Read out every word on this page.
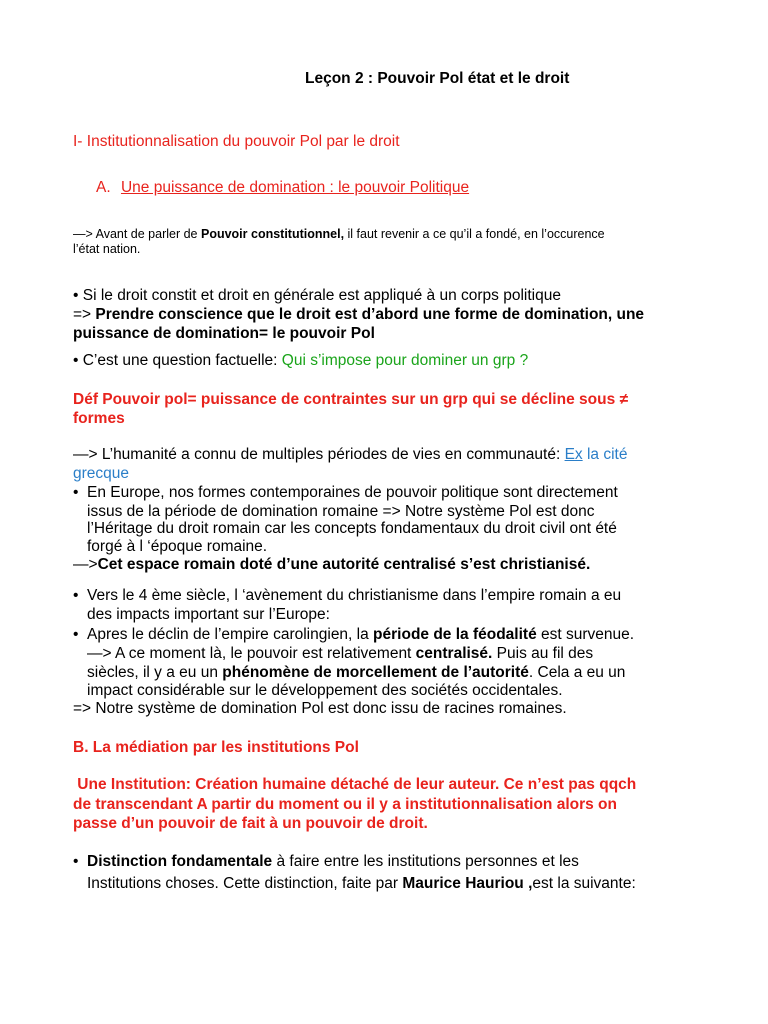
Leçon 2 : Pouvoir Pol état et le droit
I- Institutionnalisation du pouvoir Pol par le droit
A. Une puissance de domination : le pouvoir Politique
—> Avant de parler de Pouvoir constitutionnel, il faut revenir a ce qu’il a fondé, en l’occurence
l’état nation.
• Si le droit constit et droit en générale est appliqué à un corps politique
=> Prendre conscience que le droit est d’abord une forme de domination, une
puissance de domination= le pouvoir Pol
• C’est une question factuelle: Qui s’impose pour dominer un grp ?
Déf Pouvoir pol= puissance de contraintes sur un grp qui se décline sous ≠
formes
—> L’humanité a connu de multiples périodes de vies en communauté: Ex la cité
grecque
• En Europe, nos formes contemporaines de pouvoir politique sont directement
issus de la période de domination romaine => Notre système Pol est donc
l’Héritage du droit romain car les concepts fondamentaux du droit civil ont été
forgé à l ‘époque romaine.
—>Cet espace romain doté d’une autorité centralisé s’est christianisé.
• Vers le 4 ème siècle, l ‘avènement du christianisme dans l’empire romain a eu
des impacts important sur l’Europe:
• Apres le déclin de l’empire carolingien, la période de la féodalité est survenue.
—> A ce moment là, le pouvoir est relativement centralisé. Puis au fil des
siècles, il y a eu un phénomène de morcellement de l’autorité. Cela a eu un
impact considérable sur le développement des sociétés occidentales.
=> Notre système de domination Pol est donc issu de racines romaines.
B. La médiation par les institutions Pol
Une Institution: Création humaine détaché de leur auteur. Ce n’est pas qqch
de transcendant A partir du moment ou il y a institutionnalisation alors on
passe d’un pouvoir de fait à un pouvoir de droit.
• Distinction fondamentale à faire entre les institutions personnes et les
Institutions choses. Cette distinction, faite par Maurice Hauriou ,est la suivante:
